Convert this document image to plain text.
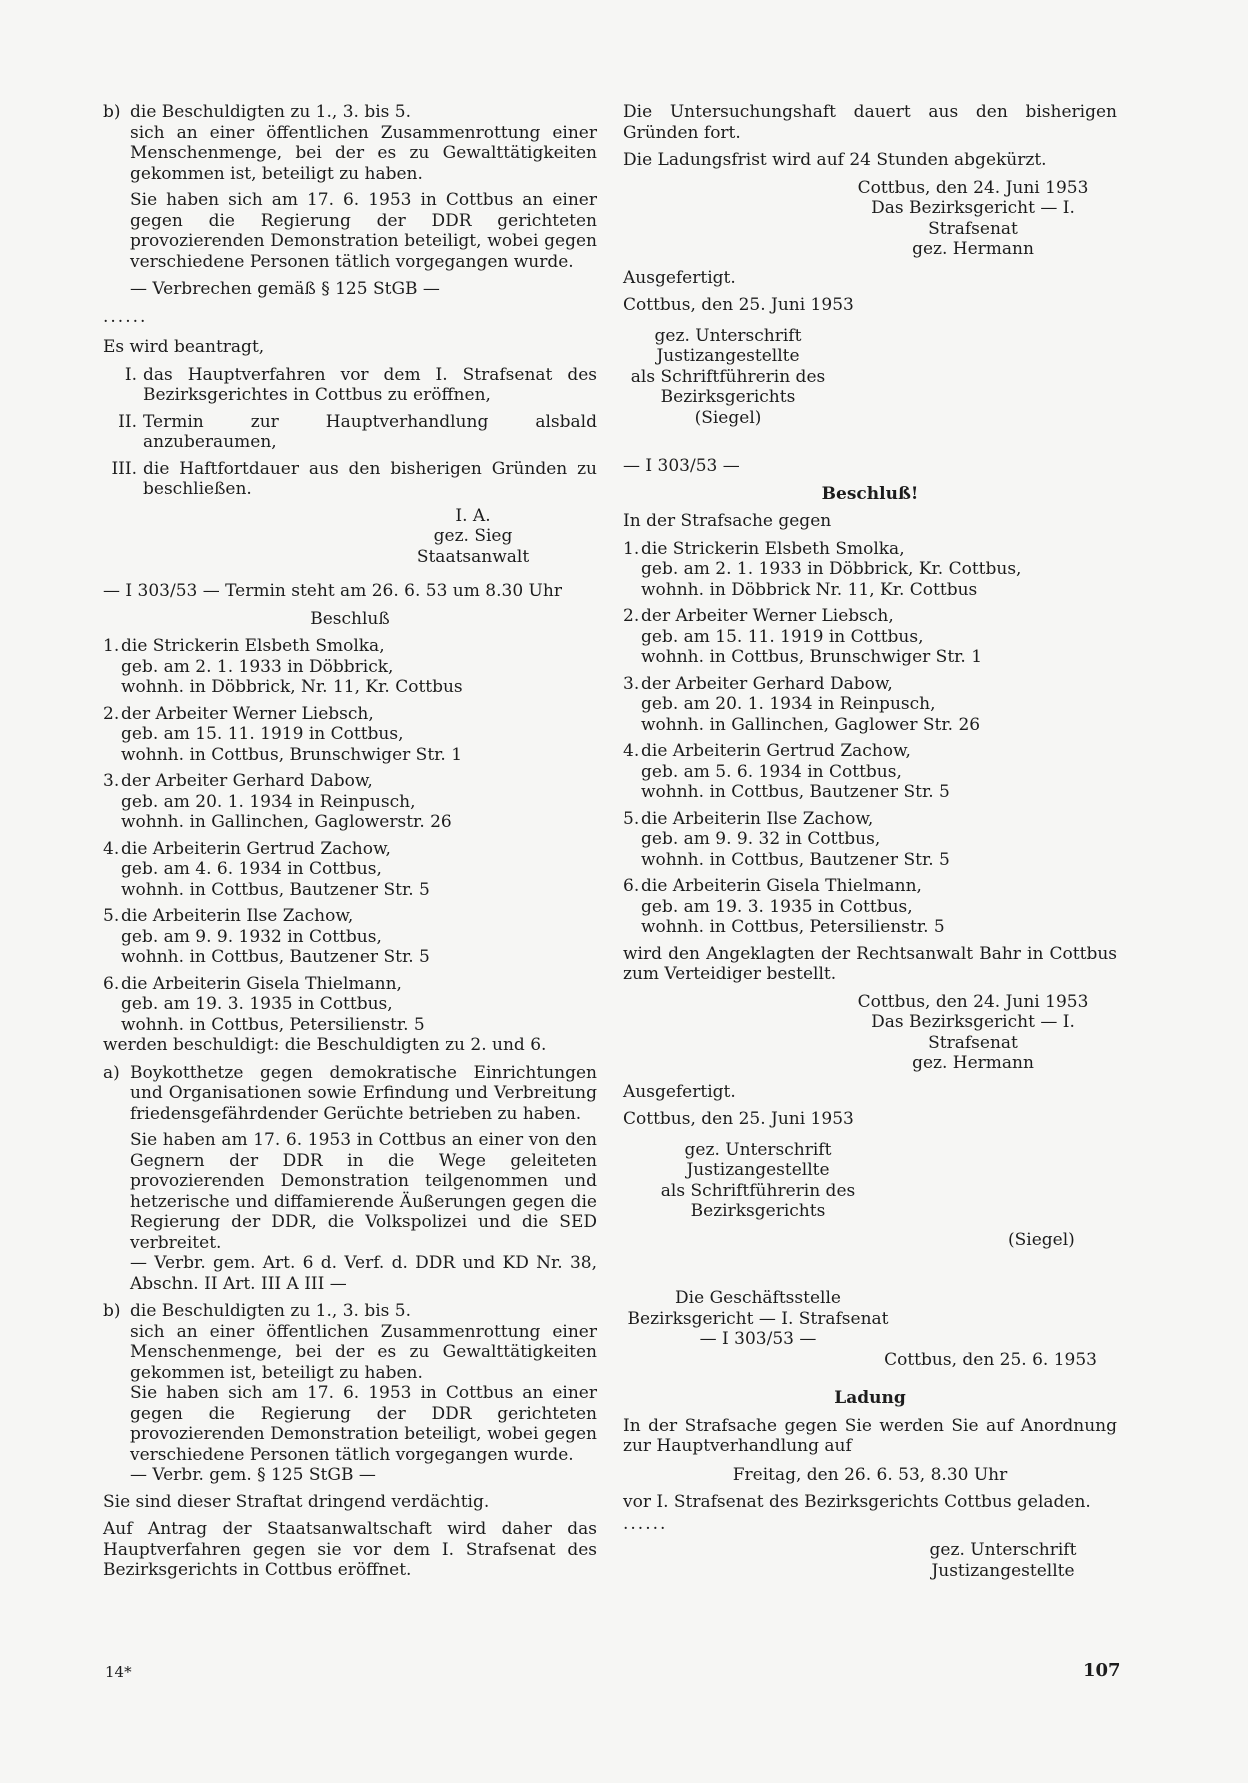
b) die Beschuldigten zu 1., 3. bis 5.
sich an einer öffentlichen Zusammenrottung einer Menschenmenge, bei der es zu Gewalttätigkeiten gekommen ist, beteiligt zu haben.

Sie haben sich am 17. 6. 1953 in Cottbus an einer gegen die Regierung der DDR gerichteten provozierenden Demonstration beteiligt, wobei gegen verschiedene Personen tätlich vorgegangen wurde.

— Verbrechen gemäß § 125 StGB —

......

Es wird beantragt,

I. das Hauptverfahren vor dem I. Strafsenat des Bezirksgerichtes in Cottbus zu eröffnen,
II. Termin zur Hauptverhandlung alsbald anzuberaumen,
III. die Haftfortdauer aus den bisherigen Gründen zu beschließen.
I. A.
gez. Sieg
Staatsanwalt

— I 303/53 — Termin steht am 26. 6. 53 um 8.30 Uhr

Beschluß

1. die Strickerin Elsbeth Smolka,
geb. am 2. 1. 1933 in Döbbrick,
wohnh. in Döbbrick, Nr. 11, Kr. Cottbus
2. der Arbeiter Werner Liebsch,
geb. am 15. 11. 1919 in Cottbus,
wohnh. in Cottbus, Brunschwiger Str. 1
3. der Arbeiter Gerhard Dabow,
geb. am 20. 1. 1934 in Reinpusch,
wohnh. in Gallinchen, Gaglowerstr. 26
4. die Arbeiterin Gertrud Zachow,
geb. am 4. 6. 1934 in Cottbus,
wohnh. in Cottbus, Bautzener Str. 5
5. die Arbeiterin Ilse Zachow,
geb. am 9. 9. 1932 in Cottbus,
wohnh. in Cottbus, Bautzener Str. 5
6. die Arbeiterin Gisela Thielmann,
geb. am 19. 3. 1935 in Cottbus,
wohnh. in Cottbus, Petersilienstr. 5

werden beschuldigt: die Beschuldigten zu 2. und 6.

a) Boykotthetze gegen demokratische Einrichtungen und Organisationen sowie Erfindung und Verbreitung friedensgefährdender Gerüchte betrieben zu haben.

Sie haben am 17. 6. 1953 in Cottbus an einer von den Gegnern der DDR in die Wege geleiteten provozierenden Demonstration teilgenommen und hetzerische und diffamierende Äußerungen gegen die Regierung der DDR, die Volkspolizei und die SED verbreitet.

— Verbr. gem. Art. 6 d. Verf. d. DDR und KD Nr. 38, Abschn. II Art. III A III —

b) die Beschuldigten zu 1., 3. bis 5.
sich an einer öffentlichen Zusammenrottung einer Menschenmenge, bei der es zu Gewalttätigkeiten gekommen ist, beteiligt zu haben.
Sie haben sich am 17. 6. 1953 in Cottbus an einer gegen die Regierung der DDR gerichteten provozierenden Demonstration beteiligt, wobei gegen verschiedene Personen tätlich vorgegangen wurde.
— Verbr. gem. § 125 StGB —

Sie sind dieser Straftat dringend verdächtig.

Auf Antrag der Staatsanwaltschaft wird daher das Hauptverfahren gegen sie vor dem I. Strafsenat des Bezirksgerichts in Cottbus eröffnet.

Die Untersuchungshaft dauert aus den bisherigen Gründen fort.

Die Ladungsfrist wird auf 24 Stunden abgekürzt.

Cottbus, den 24. Juni 1953
Das Bezirksgericht — I. Strafsenat
gez. Hermann

Ausgefertigt.

Cottbus, den 25. Juni 1953

gez. Unterschrift
Justizangestellte
als Schriftführerin des
Bezirksgerichts
(Siegel)

— I 303/53 —

Beschluß!

In der Strafsache gegen

1. die Strickerin Elsbeth Smolka,
geb. am 2. 1. 1933 in Döbbrick, Kr. Cottbus,
wohnh. in Döbbrick Nr. 11, Kr. Cottbus
2. der Arbeiter Werner Liebsch,
geb. am 15. 11. 1919 in Cottbus,
wohnh. in Cottbus, Brunschwiger Str. 1
3. der Arbeiter Gerhard Dabow,
geb. am 20. 1. 1934 in Reinpusch,
wohnh. in Gallinchen, Gaglower Str. 26
4. die Arbeiterin Gertrud Zachow,
geb. am 5. 6. 1934 in Cottbus,
wohnh. in Cottbus, Bautzener Str. 5
5. die Arbeiterin Ilse Zachow,
geb. am 9. 9. 32 in Cottbus,
wohnh. in Cottbus, Bautzener Str. 5
6. die Arbeiterin Gisela Thielmann,
geb. am 19. 3. 1935 in Cottbus,
wohnh. in Cottbus, Petersilienstr. 5

wird den Angeklagten der Rechtsanwalt Bahr in Cottbus zum Verteidiger bestellt.

Cottbus, den 24. Juni 1953
Das Bezirksgericht — I. Strafsenat
gez. Hermann

Ausgefertigt.

Cottbus, den 25. Juni 1953

gez. Unterschrift
Justizangestellte
als Schriftführerin des
Bezirksgerichts

(Siegel)

Die Geschäftsstelle
Bezirksgericht — I. Strafsenat
— I 303/53 —

Cottbus, den 25. 6. 1953

Ladung

In der Strafsache gegen Sie werden Sie auf Anordnung zur Hauptverhandlung auf

Freitag, den 26. 6. 53, 8.30 Uhr

vor I. Strafsenat des Bezirksgerichts Cottbus geladen.

......

gez. Unterschrift
Justizangestellte
14*	107
